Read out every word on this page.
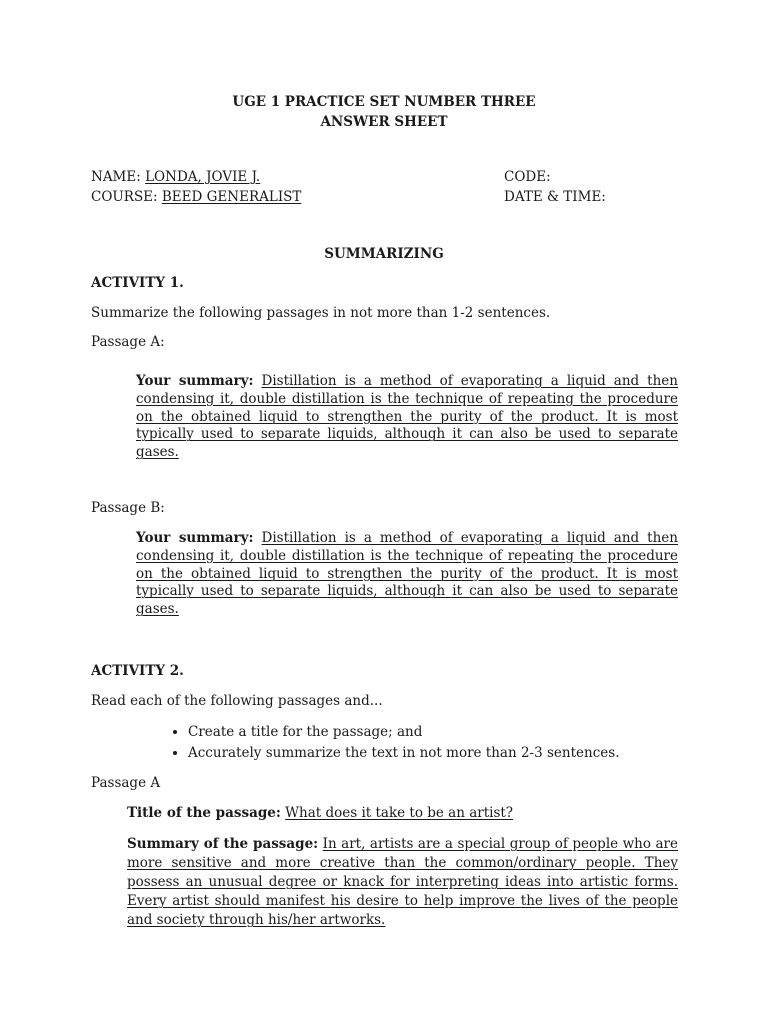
UGE 1 PRACTICE SET NUMBER THREE
ANSWER SHEET
NAME: LONDA, JOVIE J.	CODE:
COURSE: BEED GENERALIST	DATE & TIME:
SUMMARIZING
ACTIVITY 1.
Summarize the following passages in not more than 1-2 sentences.
Passage A:
Your summary: Distillation is a method of evaporating a liquid and then condensing it, double distillation is the technique of repeating the procedure on the obtained liquid to strengthen the purity of the product. It is most typically used to separate liquids, although it can also be used to separate gases.
Passage B:
Your summary: Distillation is a method of evaporating a liquid and then condensing it, double distillation is the technique of repeating the procedure on the obtained liquid to strengthen the purity of the product. It is most typically used to separate liquids, although it can also be used to separate gases.
ACTIVITY 2.
Read each of the following passages and...
• Create a title for the passage; and
• Accurately summarize the text in not more than 2-3 sentences.
Passage A
Title of the passage: What does it take to be an artist?
Summary of the passage: In art, artists are a special group of people who are more sensitive and more creative than the common/ordinary people. They possess an unusual degree or knack for interpreting ideas into artistic forms. Every artist should manifest his desire to help improve the lives of the people and society through his/her artworks.
